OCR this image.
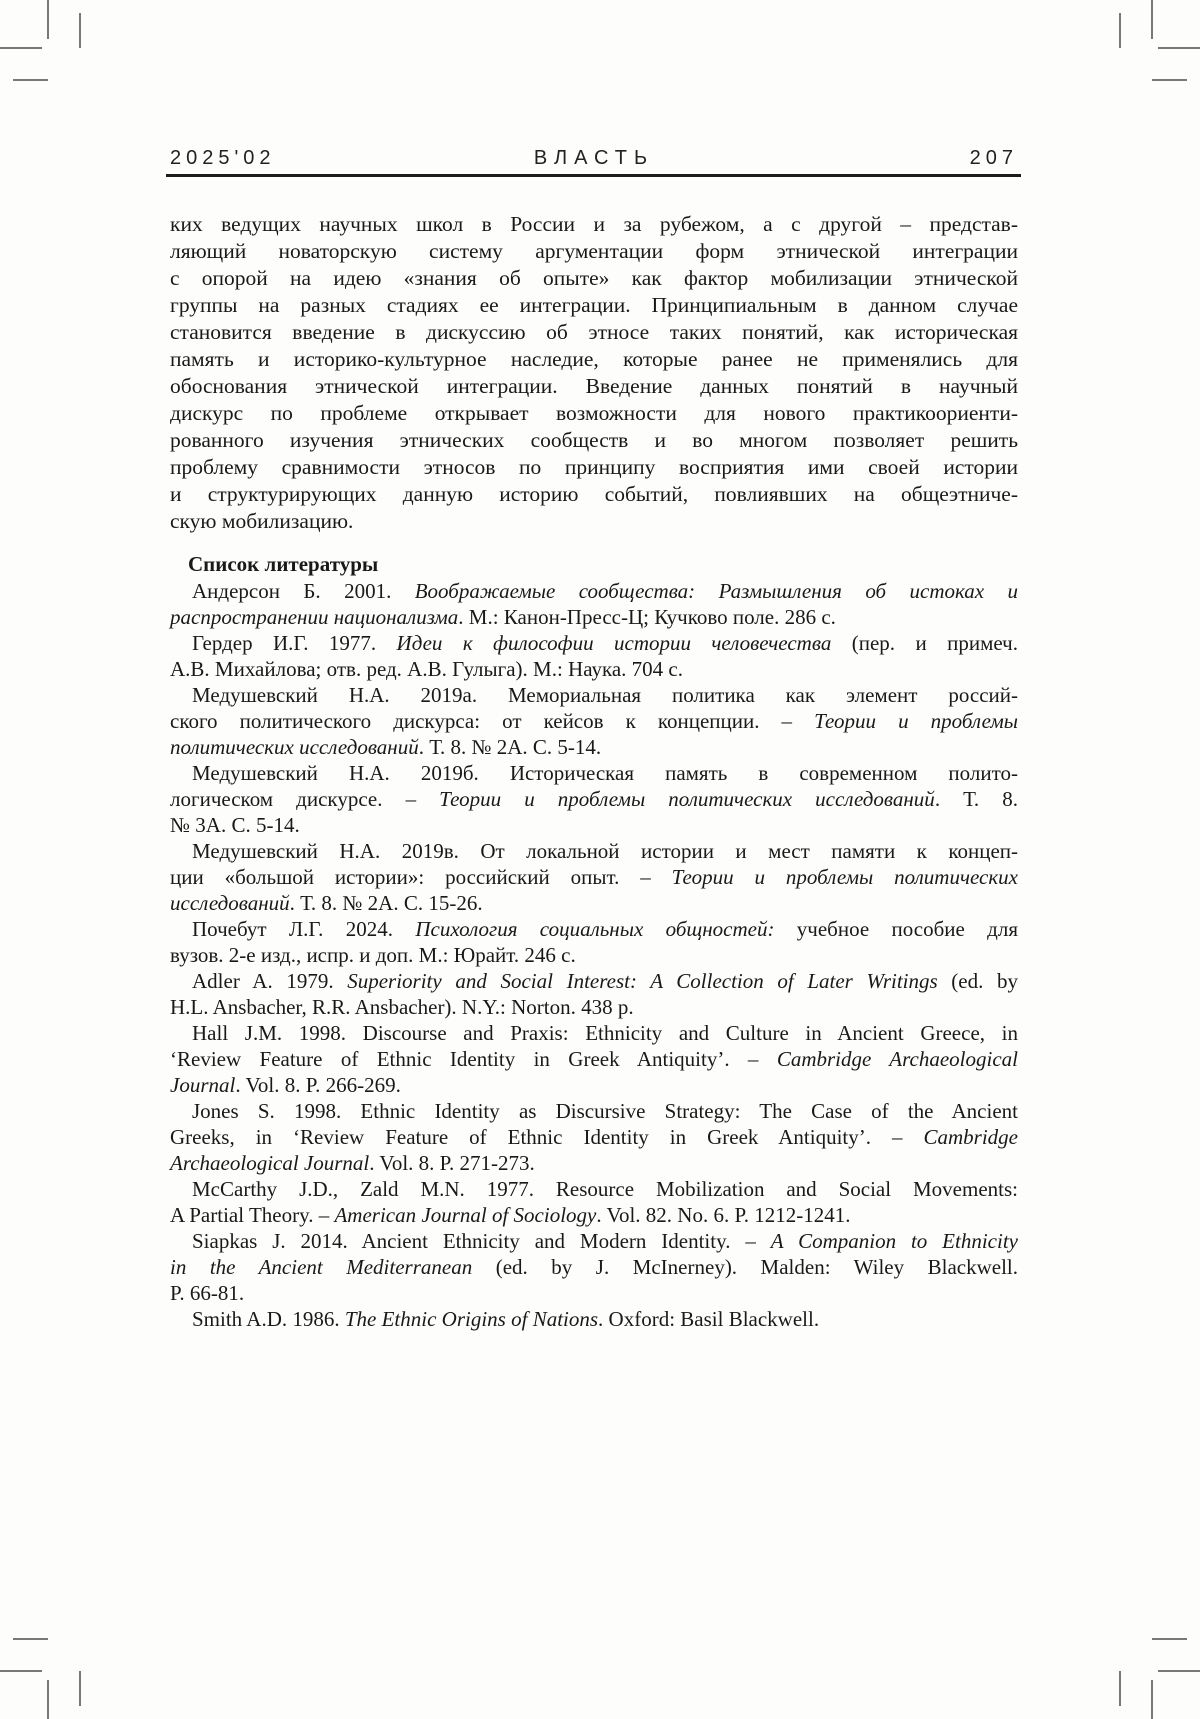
2025'02	ВЛАСТЬ	207
ких ведущих научных школ в России и за рубежом, а с другой – представ-
ляющий новаторскую систему аргументации форм этнической интеграции
с опорой на идею «знания об опыте» как фактор мобилизации этнической
группы на разных стадиях ее интеграции. Принципиальным в данном случае
становится введение в дискуссию об этносе таких понятий, как историческая
память и историко-культурное наследие, которые ранее не применялись для
обоснования этнической интеграции. Введение данных понятий в научный
дискурс по проблеме открывает возможности для нового практикоориенти-
рованного изучения этнических сообществ и во многом позволяет решить
проблему сравнимости этносов по принципу восприятия ими своей истории
и структурирующих данную историю событий, повлиявших на общеэтниче-
скую мобилизацию.
Список литературы
Андерсон Б. 2001. Воображаемые сообщества: Размышления об истоках и
распространении национализма. М.: Канон-Пресс-Ц; Кучково поле. 286 с.
Гердер И.Г. 1977. Идеи к философии истории человечества (пер. и примеч.
А.В. Михайлова; отв. ред. А.В. Гулыга). М.: Наука. 704 с.
Медушевский Н.А. 2019а. Мемориальная политика как элемент россий-
ского политического дискурса: от кейсов к концепции. – Теории и проблемы
политических исследований. Т. 8. № 2А. С. 5-14.
Медушевский Н.А. 2019б. Историческая память в современном полито-
логическом дискурсе. – Теории и проблемы политических исследований. Т. 8.
№ 3А. С. 5-14.
Медушевский Н.А. 2019в. От локальной истории и мест памяти к концеп-
ции «большой истории»: российский опыт. – Теории и проблемы политических
исследований. Т. 8. № 2А. С. 15-26.
Почебут Л.Г. 2024. Психология социальных общностей: учебное пособие для
вузов. 2-е изд., испр. и доп. М.: Юрайт. 246 с.
Adler A. 1979. Superiority and Social Interest: A Collection of Later Writings (ed. by
H.L. Ansbacher, R.R. Ansbacher). N.Y.: Norton. 438 p.
Hall J.M. 1998. Discourse and Praxis: Ethnicity and Culture in Ancient Greece, in
‘Review Feature of Ethnic Identity in Greek Antiquity’. – Cambridge Archaeological
Journal. Vol. 8. P. 266-269.
Jones S. 1998. Ethnic Identity as Discursive Strategy: The Case of the Ancient
Greeks, in ‘Review Feature of Ethnic Identity in Greek Antiquity’. – Cambridge
Archaeological Journal. Vol. 8. P. 271-273.
McCarthy J.D., Zald M.N. 1977. Resource Mobilization and Social Movements:
A Partial Theory. – American Journal of Sociology. Vol. 82. No. 6. P. 1212-1241.
Siapkas J. 2014. Ancient Ethnicity and Modern Identity. – A Companion to Ethnicity
in the Ancient Mediterranean (ed. by J. McInerney). Malden: Wiley Blackwell.
P. 66-81.
Smith A.D. 1986. The Ethnic Origins of Nations. Oxford: Basil Blackwell.
